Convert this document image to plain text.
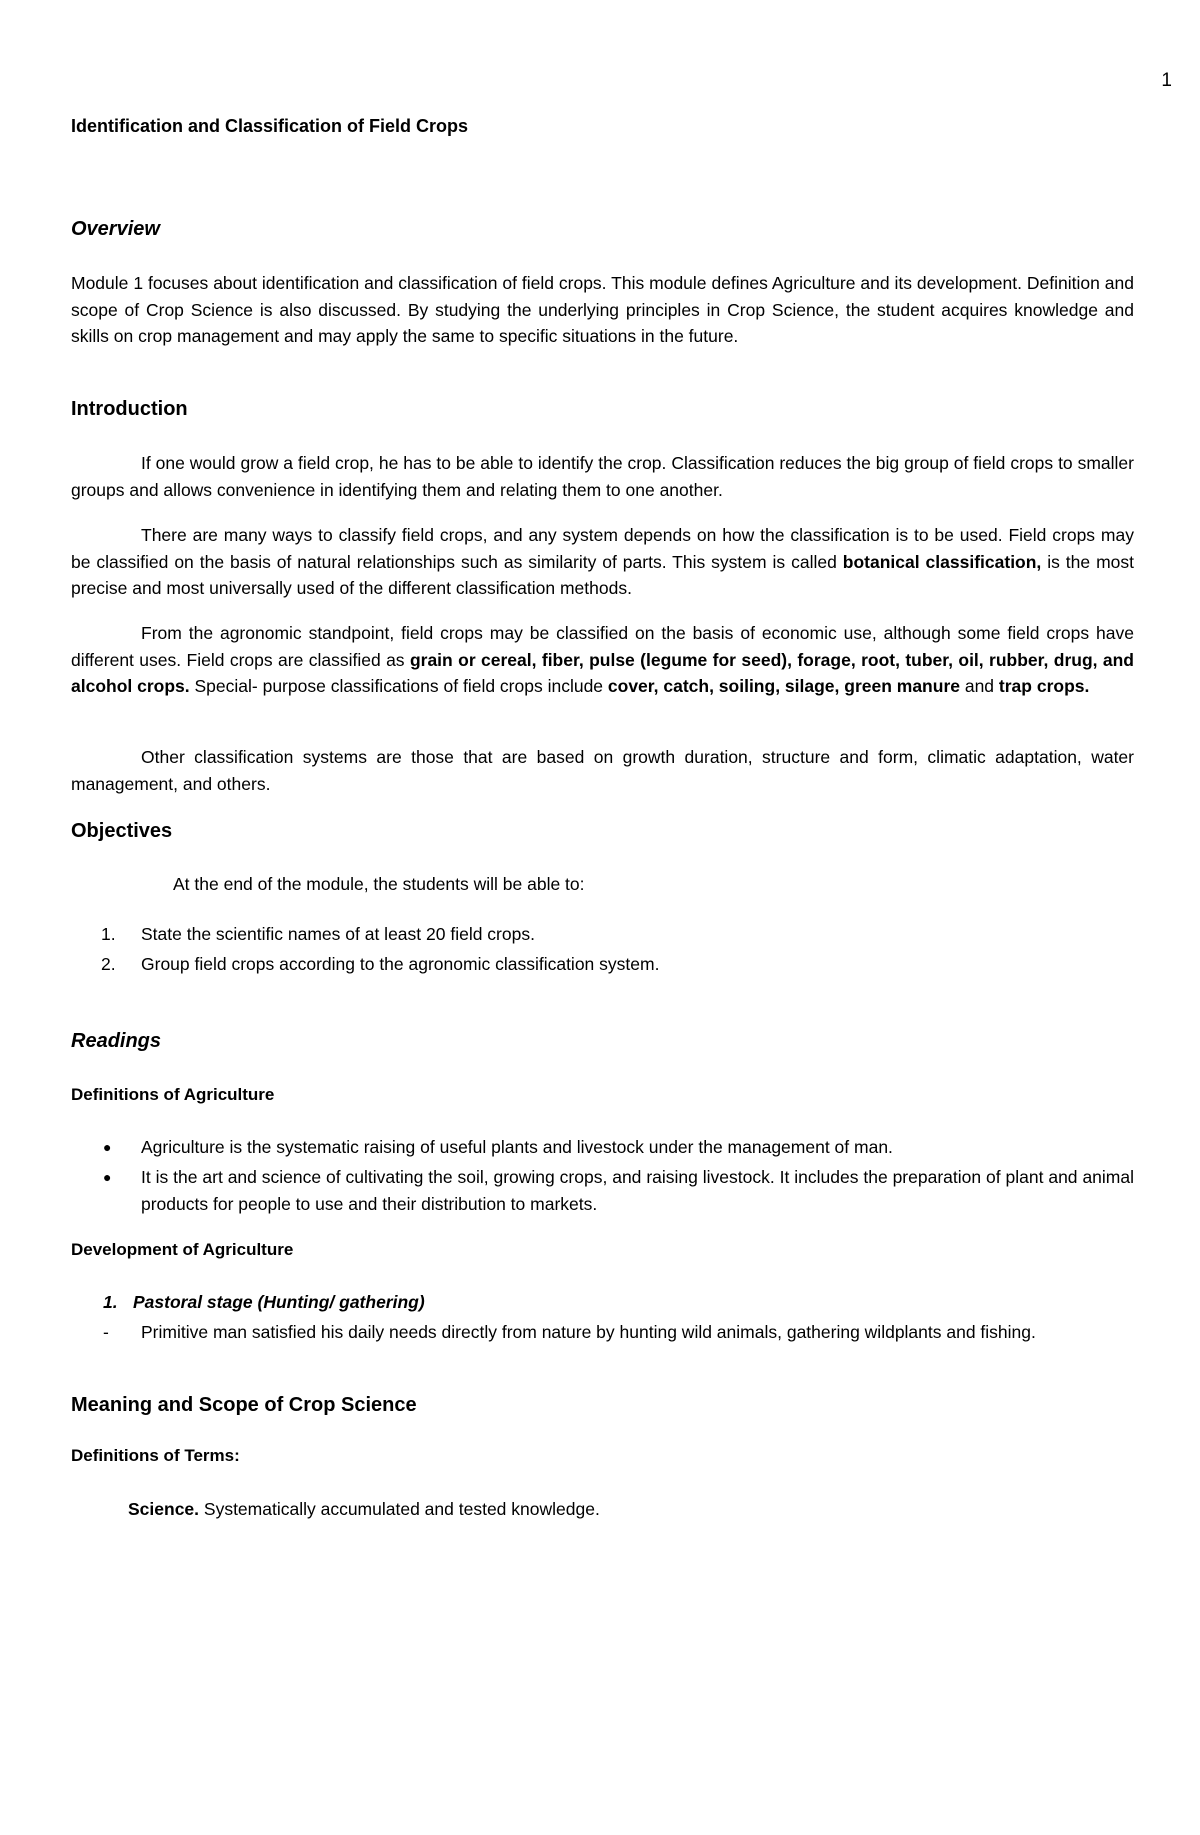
1
Identification and Classification of Field Crops
Overview

Module 1 focuses about identification and classification of field crops. This module defines Agriculture and its development. Definition and scope of Crop Science is also discussed. By studying the underlying principles in Crop Science, the student acquires knowledge and skills on crop management and may apply the same to specific situations in the future.

Introduction

If one would grow a field crop, he has to be able to identify the crop. Classification reduces the big group of field crops to smaller groups and allows convenience in identifying them and relating them to one another.

There are many ways to classify field crops, and any system depends on how the classification is to be used. Field crops may be classified on the basis of natural relationships such as similarity of parts. This system is called botanical classification, is the most precise and most universally used of the different classification methods.

From the agronomic standpoint, field crops may be classified on the basis of economic use, although some field crops have different uses. Field crops are classified as grain or cereal, fiber, pulse (legume for seed), forage, root, tuber, oil, rubber, drug, and alcohol crops. Special- purpose classifications of field crops include cover, catch, soiling, silage, green manure and trap crops.

Other classification systems are those that are based on growth duration, structure and form, climatic adaptation, water management, and others.

Objectives
At the end of the module, the students will be able to:
1. State the scientific names of at least 20 field crops.
2. Group field crops according to the agronomic classification system.
Readings
Definitions of Agriculture
● Agriculture is the systematic raising of useful plants and livestock under the management of man.
● It is the art and science of cultivating the soil, growing crops, and raising livestock. It includes the preparation of plant and animal products for people to use and their distribution to markets.
Development of Agriculture
1. Pastoral stage (Hunting/ gathering)
- Primitive man satisfied his daily needs directly from nature by hunting wild animals, gathering wildplants and fishing.
Meaning and Scope of Crop Science
Definitions of Terms:
Science. Systematically accumulated and tested knowledge.
